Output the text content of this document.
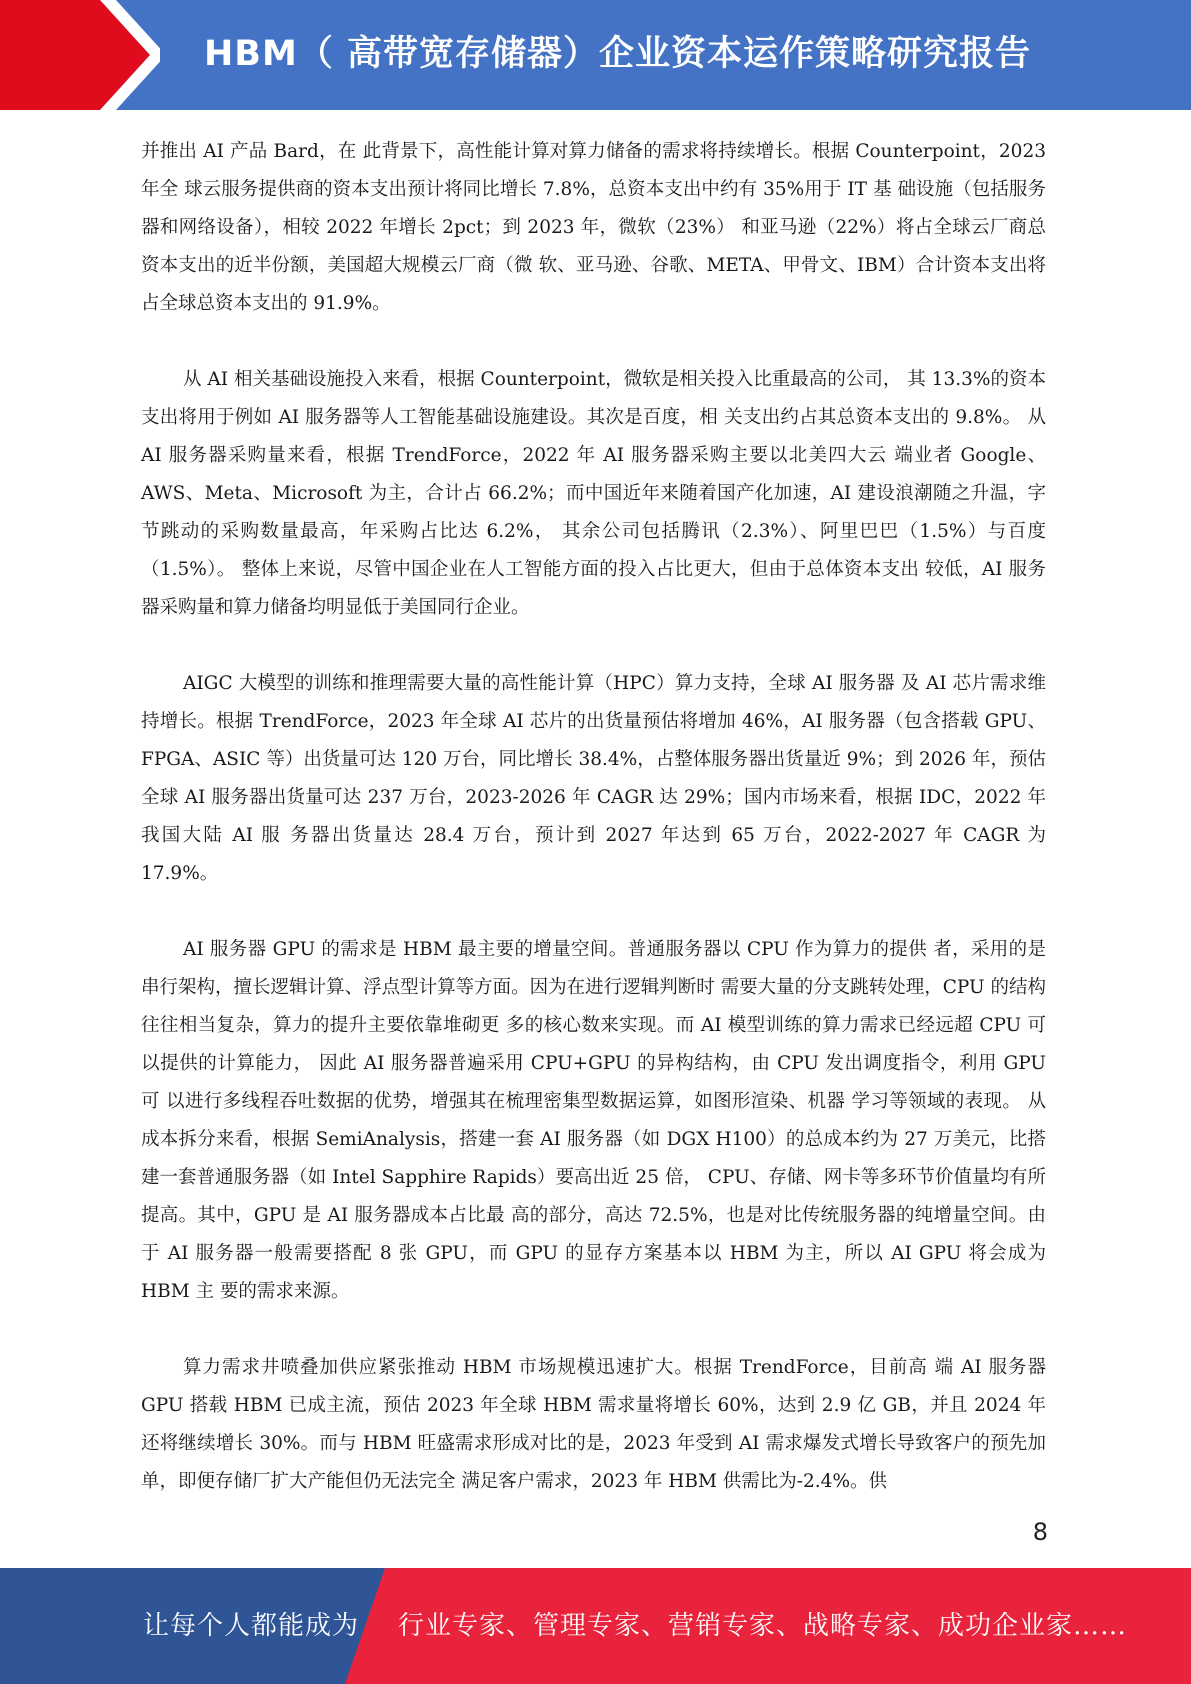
HBM（ 高带宽存储器）企业资本运作策略研究报告

并推出 AI 产品 Bard，在 此背景下，高性能计算对算力储备的需求将持续增长。根据 Counterpoint，2023 年全 球云服务提供商的资本支出预计将同比增长 7.8%，总资本支出中约有 35%用于 IT 基 础设施（包括服务器和网络设备），相较 2022 年增长 2pct；到 2023 年，微软（23%） 和亚马逊（22%）将占全球云厂商总资本支出的近半份额，美国超大规模云厂商（微 软、亚马逊、谷歌、META、甲骨文、IBM）合计资本支出将占全球总资本支出的 91.9%。

从 AI 相关基础设施投入来看，根据 Counterpoint，微软是相关投入比重最高的公司， 其 13.3%的资本支出将用于例如 AI 服务器等人工智能基础设施建设。其次是百度，相 关支出约占其总资本支出的 9.8%。 从 AI 服务器采购量来看，根据 TrendForce，2022 年 AI 服务器采购主要以北美四大云 端业者 Google、AWS、Meta、Microsoft 为主，合计占 66.2%；而中国近年来随着国产化加速，AI 建设浪潮随之升温，字节跳动的采购数量最高，年采购占比达 6.2%， 其余公司包括腾讯（2.3%）、阿里巴巴（1.5%）与百度（1.5%）。 整体上来说，尽管中国企业在人工智能方面的投入占比更大，但由于总体资本支出 较低，AI 服务器采购量和算力储备均明显低于美国同行企业。

AIGC 大模型的训练和推理需要大量的高性能计算（HPC）算力支持，全球 AI 服务器 及 AI 芯片需求维持增长。根据 TrendForce，2023 年全球 AI 芯片的出货量预估将增加 46%，AI 服务器（包含搭载 GPU、FPGA、ASIC 等）出货量可达 120 万台，同比增长 38.4%，占整体服务器出货量近 9%；到 2026 年，预估全球 AI 服务器出货量可达 237 万台，2023-2026 年 CAGR 达 29%；国内市场来看，根据 IDC，2022 年我国大陆 AI 服 务器出货量达 28.4 万台，预计到 2027 年达到 65 万台，2022-2027 年 CAGR 为 17.9%。

AI 服务器 GPU 的需求是 HBM 最主要的增量空间。普通服务器以 CPU 作为算力的提供 者，采用的是串行架构，擅长逻辑计算、浮点型计算等方面。因为在进行逻辑判断时 需要大量的分支跳转处理，CPU 的结构往往相当复杂，算力的提升主要依靠堆砌更 多的核心数来实现。而 AI 模型训练的算力需求已经远超 CPU 可以提供的计算能力， 因此 AI 服务器普遍采用 CPU+GPU 的异构结构，由 CPU 发出调度指令，利用 GPU 可 以进行多线程吞吐数据的优势，增强其在梳理密集型数据运算，如图形渲染、机器 学习等领域的表现。 从成本拆分来看，根据 SemiAnalysis，搭建一套 AI 服务器（如 DGX H100）的总成本约为 27 万美元，比搭建一套普通服务器（如 Intel Sapphire Rapids）要高出近 25 倍， CPU、存储、网卡等多环节价值量均有所提高。其中，GPU 是 AI 服务器成本占比最 高的部分，高达 72.5%，也是对比传统服务器的纯增量空间。由于 AI 服务器一般需要搭配 8 张 GPU，而 GPU 的显存方案基本以 HBM 为主，所以 AI GPU 将会成为 HBM 主 要的需求来源。

算力需求井喷叠加供应紧张推动 HBM 市场规模迅速扩大。根据 TrendForce，目前高 端 AI 服务器 GPU 搭载 HBM 已成主流，预估 2023 年全球 HBM 需求量将增长 60%，达到 2.9 亿 GB，并且 2024 年还将继续增长 30%。而与 HBM 旺盛需求形成对比的是，2023 年受到 AI 需求爆发式增长导致客户的预先加单，即便存储厂扩大产能但仍无法完全 满足客户需求，2023 年 HBM 供需比为-2.4%。供

8
让每个人都能成为 行业专家、管理专家、营销专家、战略专家、成功企业家……
